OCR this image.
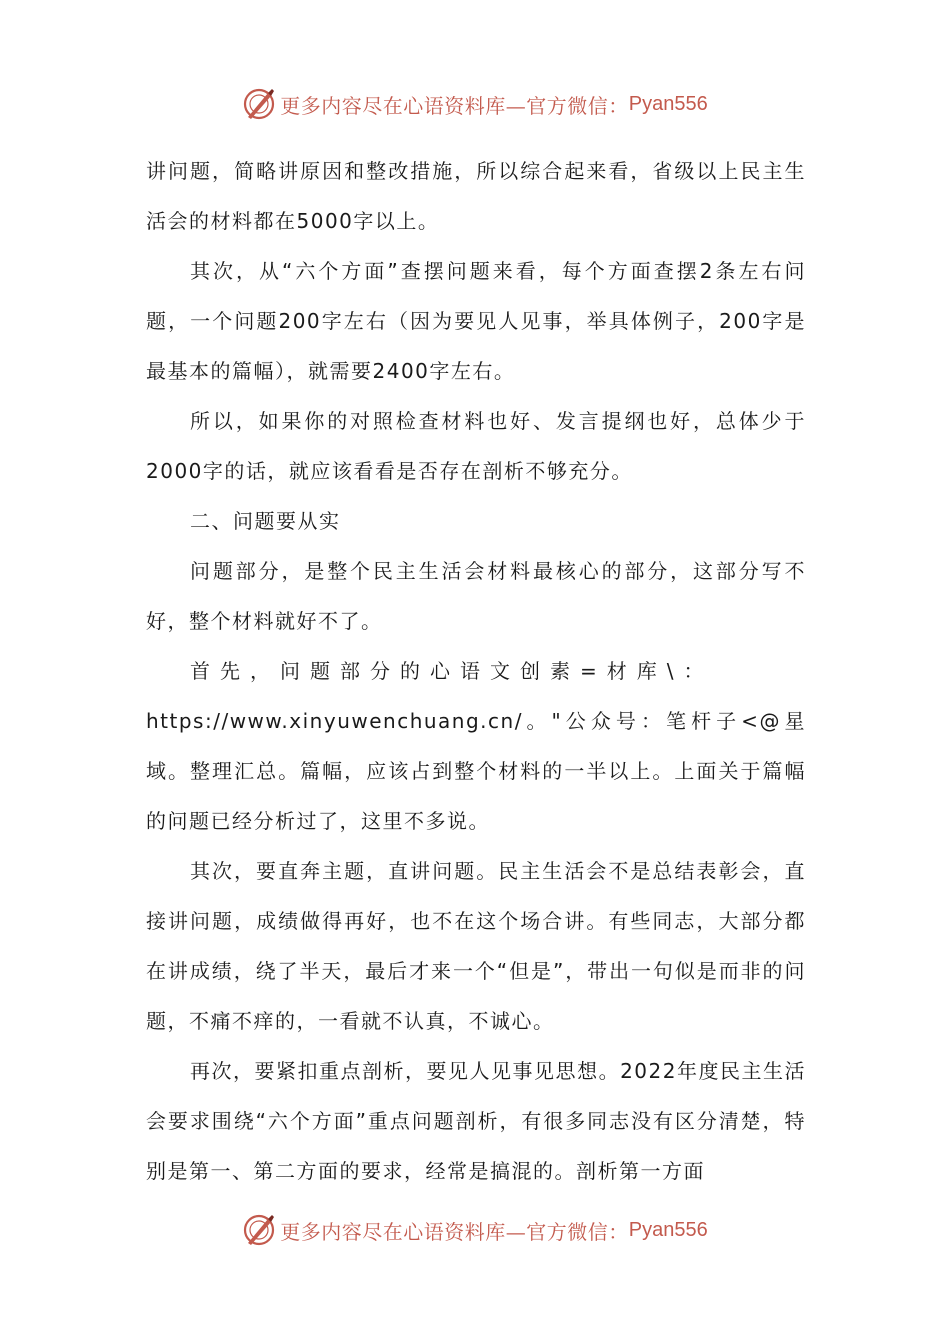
更多内容尽在心语资料库—官方微信： Pyan556

讲问题，简略讲原因和整改措施，所以综合起来看，省级以上民主生活会的材料都在5000字以上。

其次，从“六个方面”查摆问题来看，每个方面查摆2条左右问题，一个问题200字左右（因为要见人见事，举具体例子，200字是最基本的篇幅），就需要2400字左右。

所以，如果你的对照检查材料也好、发言提纲也好，总体少于2000字的话，就应该看看是否存在剖析不够充分。

二、问题要从实

问题部分，是整个民主生活会材料最核心的部分，这部分写不好，整个材料就好不了。

首先，问题部分的心语文创素=材库\：

https://www.xinyuwenchuang.cn/。"公众号：笔杆子<@星域。整理汇总。篇幅，应该占到整个材料的一半以上。上面关于篇幅的问题已经分析过了，这里不多说。

其次，要直奔主题，直讲问题。民主生活会不是总结表彰会，直接讲问题，成绩做得再好，也不在这个场合讲。有些同志，大部分都在讲成绩，绕了半天，最后才来一个“但是”，带出一句似是而非的问题，不痛不痒的，一看就不认真，不诚心。

再次，要紧扣重点剖析，要见人见事见思想。2022年度民主生活会要求围绕“六个方面”重点问题剖析，有很多同志没有区分清楚，特别是第一、第二方面的要求，经常是搞混的。剖析第一方面

更多内容尽在心语资料库—官方微信： Pyan556
